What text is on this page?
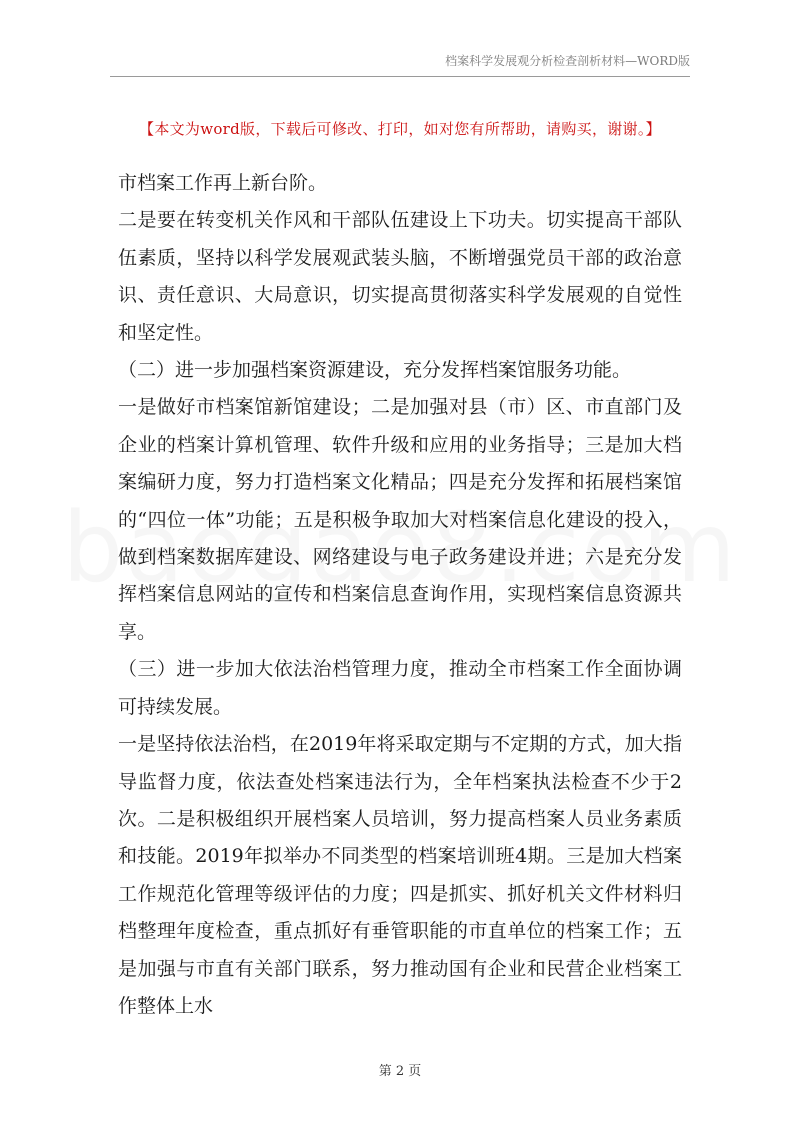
档案科学发展观分析检查剖析材料—WORD版
【本文为word版，下载后可修改、打印，如对您有所帮助，请购买，谢谢。】

市档案工作再上新台阶。

二是要在转变机关作风和干部队伍建设上下功夫。切实提高干部队伍素质，坚持以科学发展观武装头脑，不断增强党员干部的政治意识、责任意识、大局意识，切实提高贯彻落实科学发展观的自觉性和坚定性。

（二）进一步加强档案资源建设，充分发挥档案馆服务功能。

一是做好市档案馆新馆建设；二是加强对县（市）区、市直部门及企业的档案计算机管理、软件升级和应用的业务指导；三是加大档案编研力度，努力打造档案文化精品；四是充分发挥和拓展档案馆的“四位一体”功能；五是积极争取加大对档案信息化建设的投入，做到档案数据库建设、网络建设与电子政务建设并进；六是充分发挥档案信息网站的宣传和档案信息查询作用，实现档案信息资源共享。

（三）进一步加大依法治档管理力度，推动全市档案工作全面协调可持续发展。

一是坚持依法治档，在2019年将采取定期与不定期的方式，加大指导监督力度，依法查处档案违法行为，全年档案执法检查不少于2次。二是积极组织开展档案人员培训，努力提高档案人员业务素质和技能。2019年拟举办不同类型的档案培训班4期。三是加大档案工作规范化管理等级评估的力度；四是抓实、抓好机关文件材料归档整理年度检查，重点抓好有垂管职能的市直单位的档案工作；五是加强与市直有关部门联系，努力推动国有企业和民营企业档案工作整体上水

第 2 页
